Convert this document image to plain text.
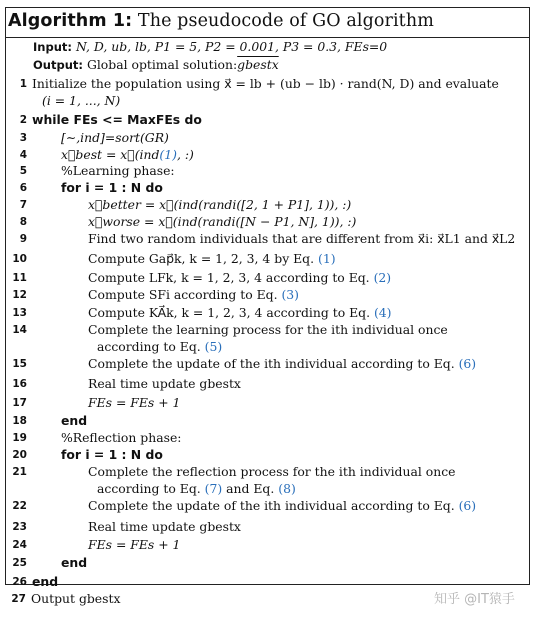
Algorithm 1: The pseudocode of GO algorithm
Input: N, D, ub, lb, P1 = 5, P2 = 0.001, P3 = 0.3, FEs=0
Output: Global optimal solution:gbestx
1 Initialize the population using x⃗ = lb + (ub − lb) · rand(N, D) and evaluate
(i = 1, ..., N)
2 while FEs <= MaxFEs do
3	[∼,ind]=sort(GR)
4	x⃗best = x⃗(ind(1), :)
5	%Learning phase:
6	for i = 1 : N do
7	x⃗better = x⃗(ind(randi([2, 1 + P1], 1)), :)
8	x⃗worse = x⃗(ind(randi([N − P1, N], 1)), :)
9	Find two random individuals that are different from x⃗i: x⃗L1 and x⃗L2
10	Compute Gap⃗k, k = 1, 2, 3, 4 by Eq. (1)
11	Compute LFk, k = 1, 2, 3, 4 according to Eq. (2)
12	Compute SFi according to Eq. (3)
13	Compute KA⃗k, k = 1, 2, 3, 4 according to Eq. (4)
14	Complete the learning process for the ith individual once
according to Eq. (5)
15	Complete the update of the ith individual according to Eq. (6)
16	Real time update gbestx
17	FEs = FEs + 1
18	end
19	%Reflection phase:
20	for i = 1 : N do
21	Complete the reflection process for the ith individual once
according to Eq. (7) and Eq. (8)
22	Complete the update of the ith individual according to Eq. (6)
23	Real time update gbestx
24	FEs = FEs + 1
25	end
26 end
27 Output gbestx	知乎 @IT猿手
